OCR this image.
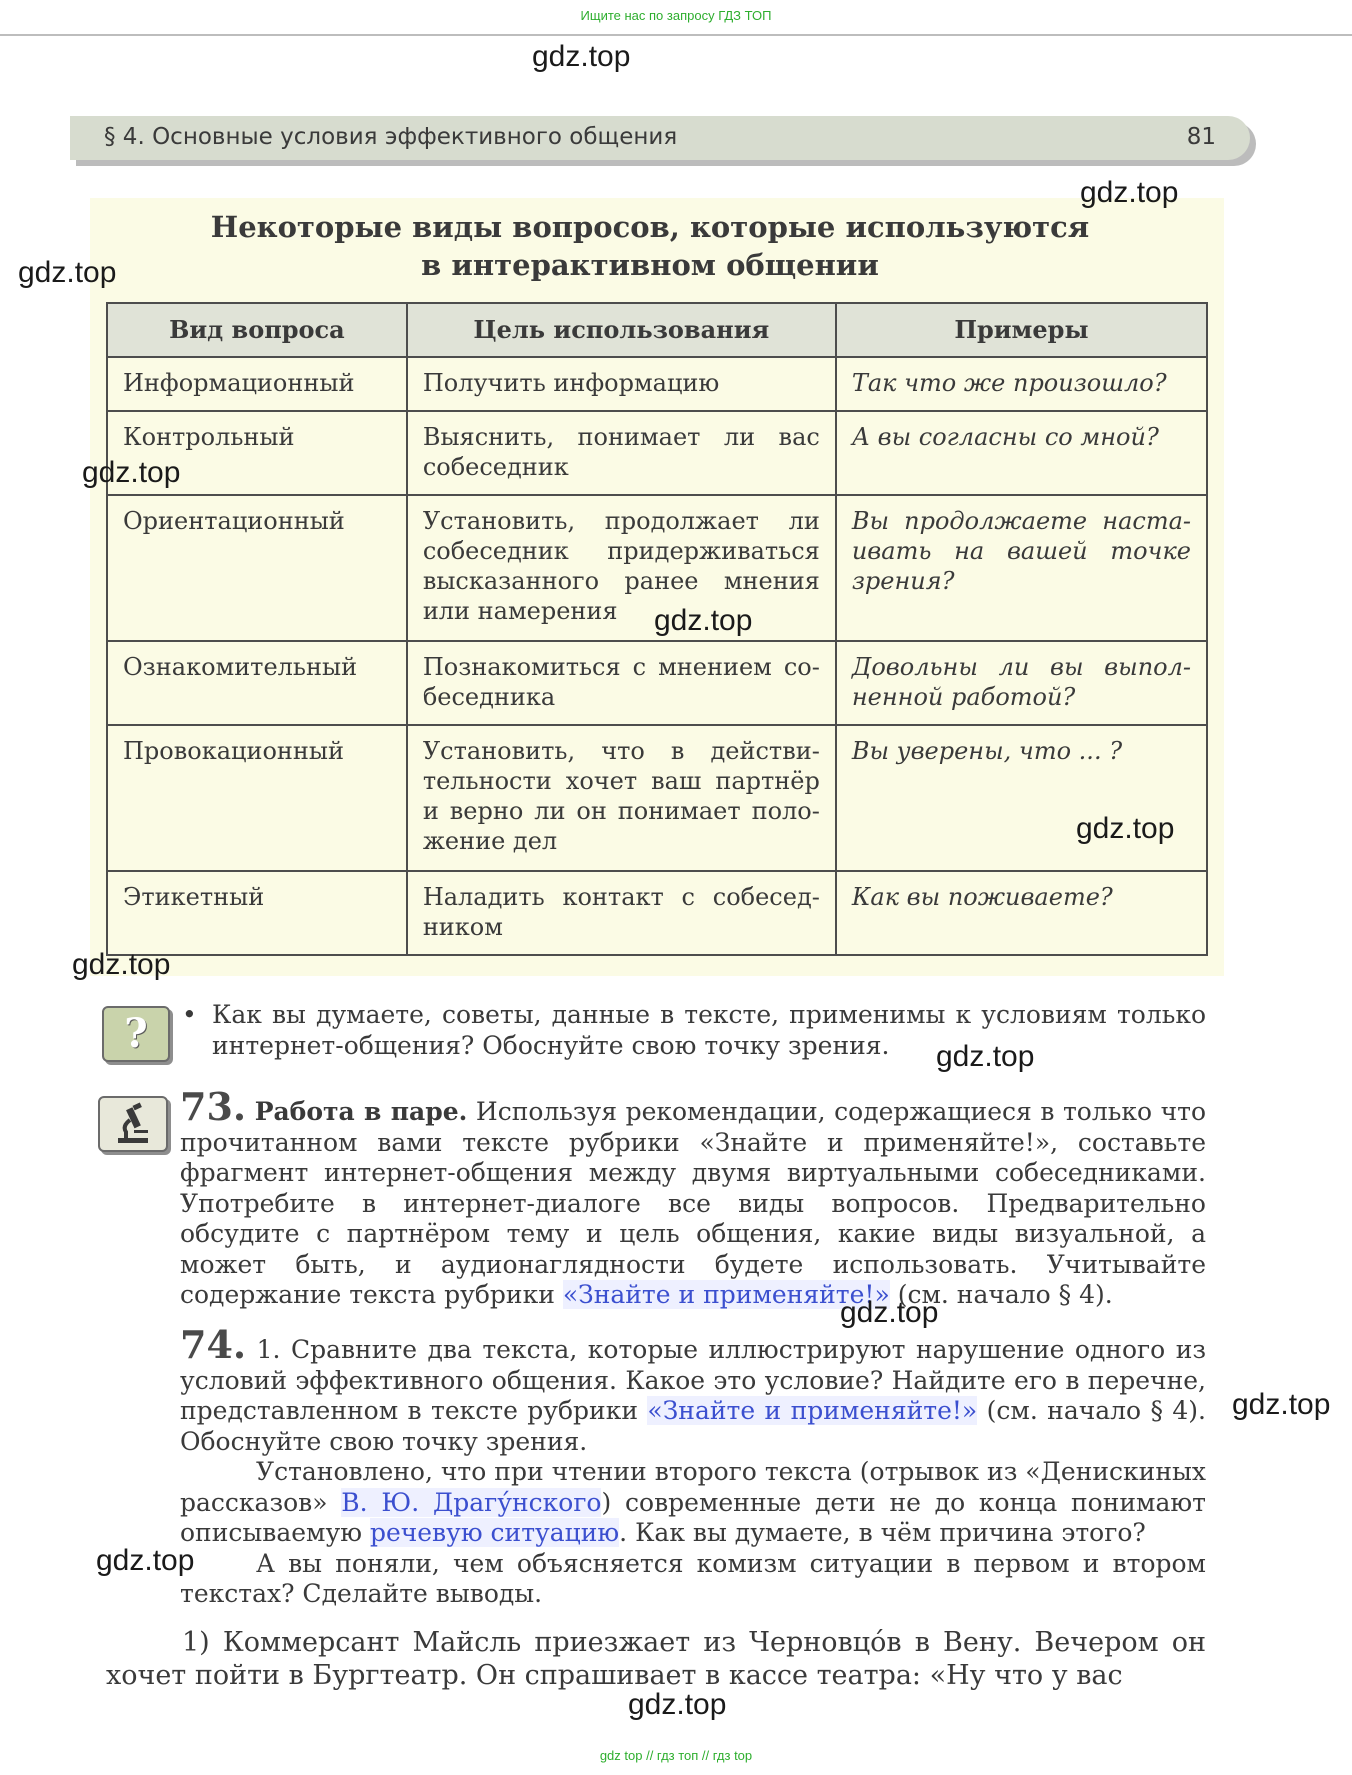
Ищите нас по запросу ГДЗ ТОП
§ 4. Основные условия эффективного общения	81
Некоторые виды вопросов, которые используются
в интерактивном общении
Вид вопроса	Цель использования	Примеры
Информационный	Получить информацию	Так что же произошло?
Контрольный	Выяснить, понимает ли вас собеседник	А вы согласны со мной?
Ориентационный	Установить, продолжает ли собеседник придерживаться высказанного ранее мнения или намерения	Вы продолжаете настаивать на вашей точке зрения?
Ознакомительный	Познакомиться с мнением собеседника	Довольны ли вы выполненной работой?
Провокационный	Установить, что в действительности хочет ваш партнёр и верно ли он понимает положение дел	Вы уверены, что ... ?
Этикетный	Наладить контакт с собеседником	Как вы поживаете?
?	• Как вы думаете, советы, данные в тексте, применимы к условиям только интернет-общения? Обоснуйте свою точку зрения.
73. Работа в паре. Используя рекомендации, содержащиеся в только что прочитанном вами тексте рубрики «Знайте и применяйте!», составьте фрагмент интернет-общения между двумя виртуальными собеседниками. Употребите в интернет-диалоге все виды вопросов. Предварительно обсудите с партнёром тему и цель общения, какие виды визуальной, а может быть, и аудионаглядности будете использовать. Учитывайте содержание текста рубрики «Знайте и применяйте!» (см. начало § 4).
74. 1. Сравните два текста, которые иллюстрируют нарушение одного из условий эффективного общения. Какое это условие? Найдите его в перечне, представленном в тексте рубрики «Знайте и применяйте!» (см. начало § 4). Обоснуйте свою точку зрения.
Установлено, что при чтении второго текста (отрывок из «Денискиных рассказов» В. Ю. Драгу́нского) современные дети не до конца понимают описываемую речевую ситуацию. Как вы думаете, в чём причина этого?
А вы поняли, чем объясняется комизм ситуации в первом и втором текстах? Сделайте выводы.
1) Коммерсант Майсль приезжает из Черновцо́в в Вену. Вечером он хочет пойти в Бургтеатр. Он спрашивает в кассе театра: «Ну что у вас
gdz.top
gdz.top
gdz.top
gdz.top
gdz.top
gdz.top
gdz.top
gdz.top
gdz.top
gdz.top
gdz.top
gdz.top
gdz top // гдз топ // гдз top
